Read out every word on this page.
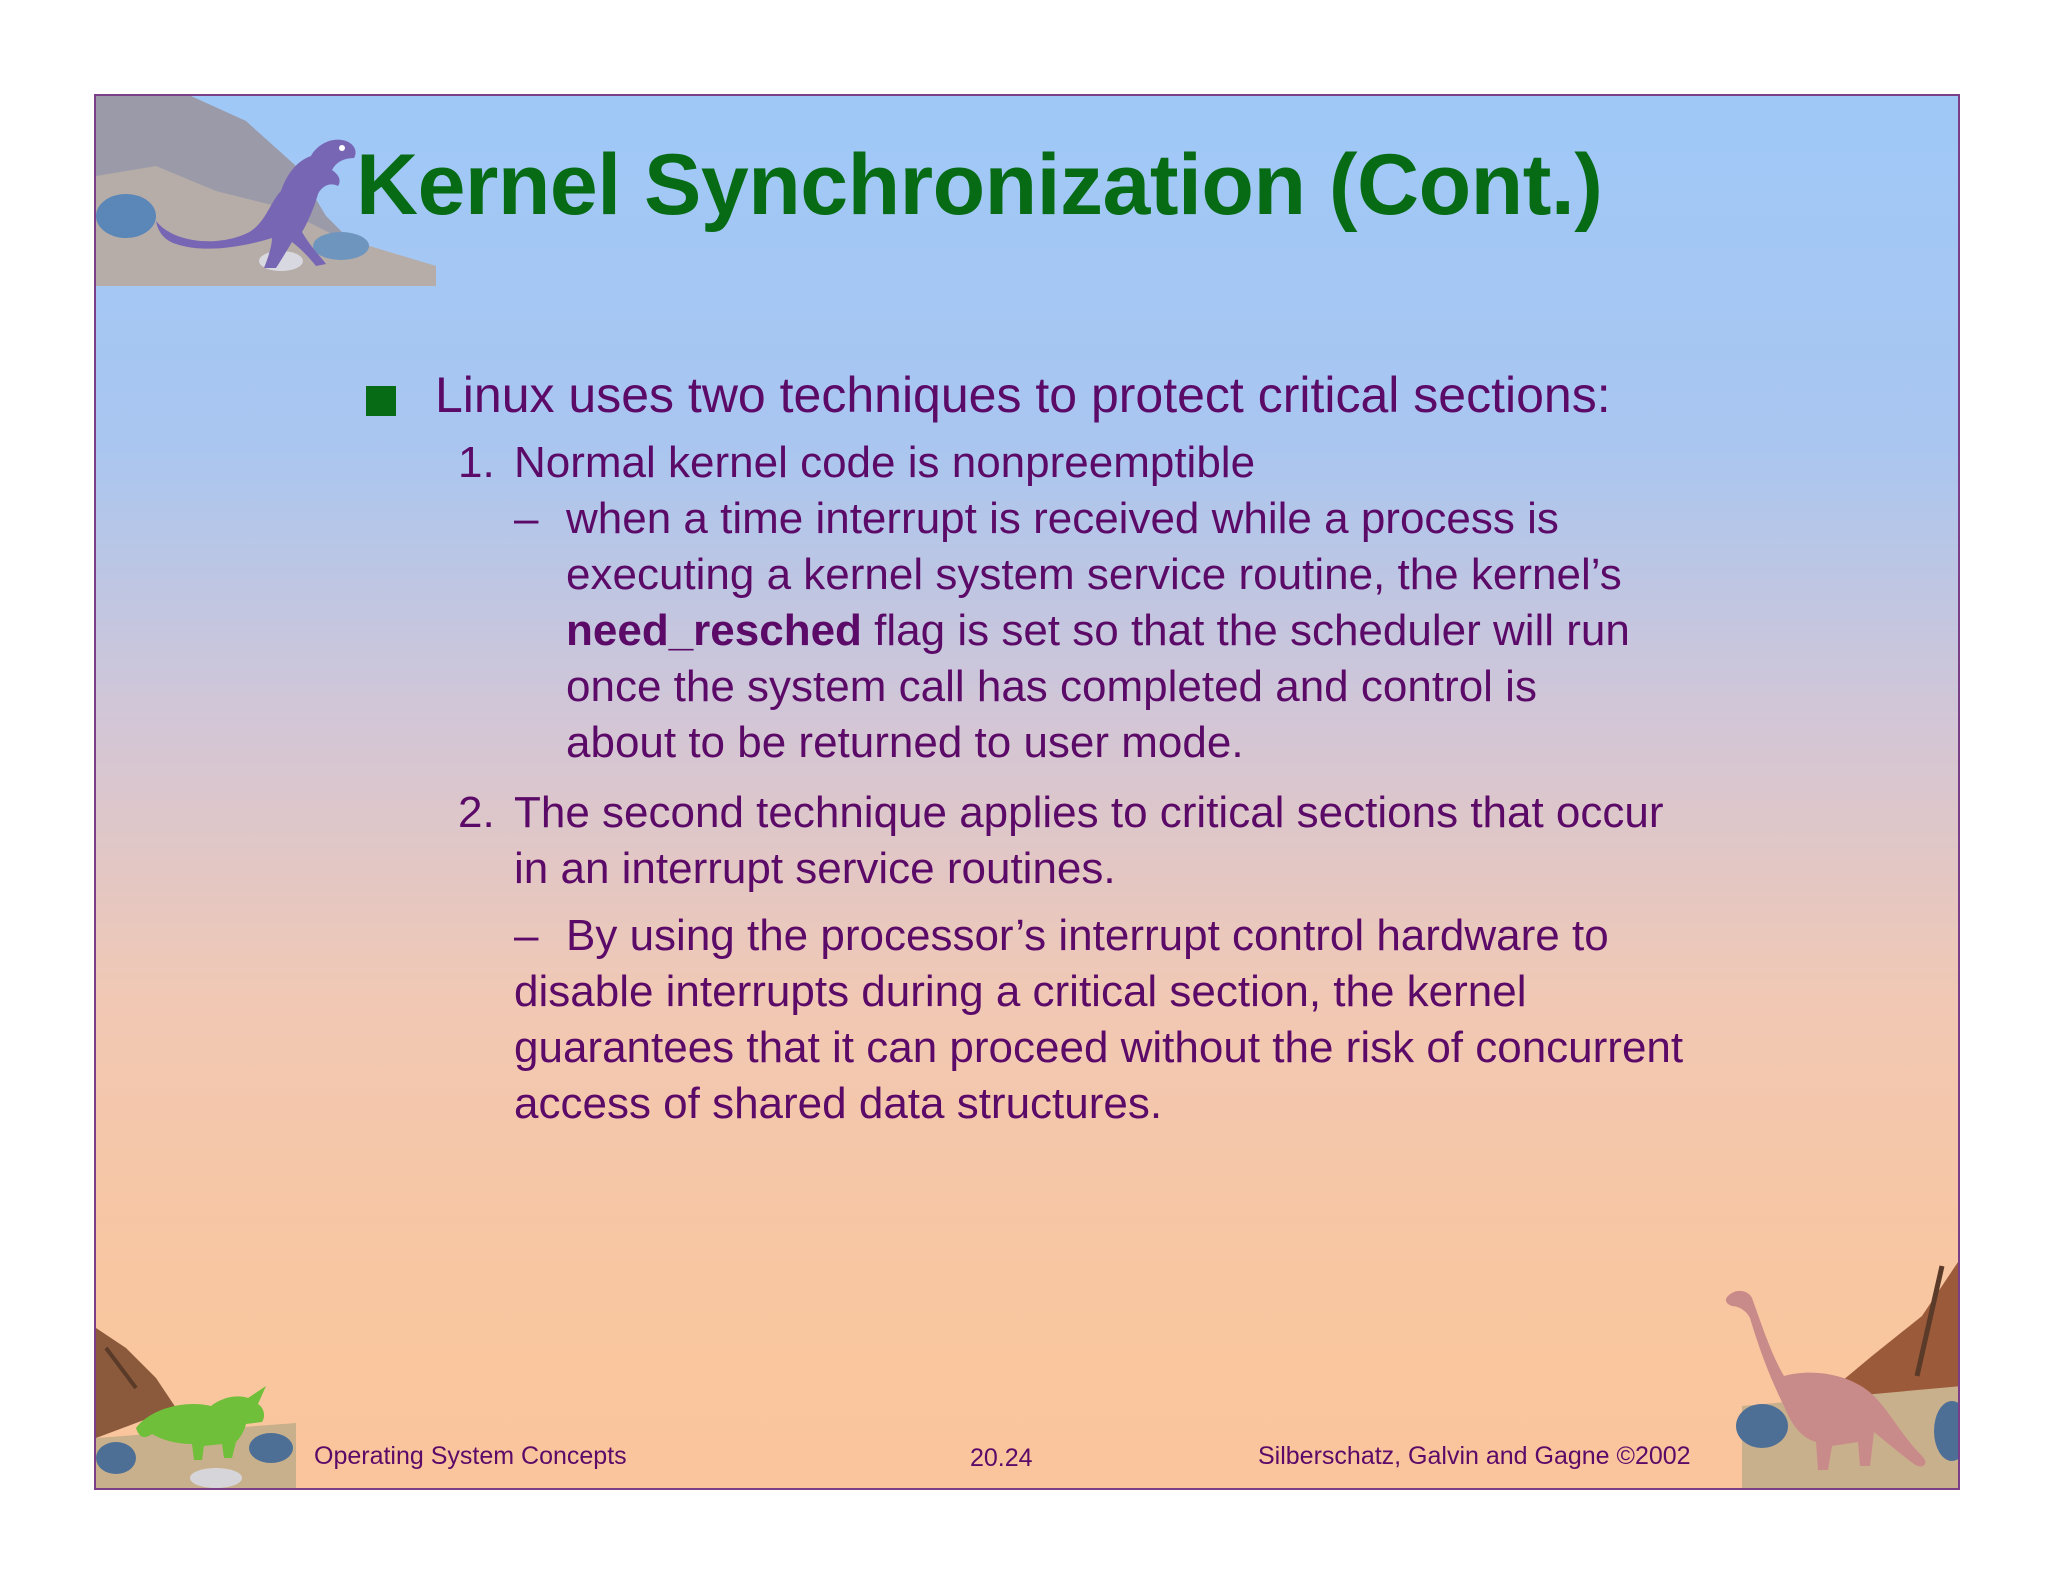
Kernel Synchronization (Cont.)
Linux uses two techniques to protect critical sections:
1. Normal kernel code is nonpreemptible
– when a time interrupt is received while a process is
executing a kernel system service routine, the kernel’s
need_resched flag is set so that the scheduler will run
once the system call has completed and control is
about to be returned to user mode.
2. The second technique applies to critical sections that occur
in an interrupt service routines.
– By using the processor’s interrupt control hardware to
disable interrupts during a critical section, the kernel
guarantees that it can proceed without the risk of concurrent
access of shared data structures.
Operating System Concepts	20.24	Silberschatz, Galvin and Gagne ©2002
